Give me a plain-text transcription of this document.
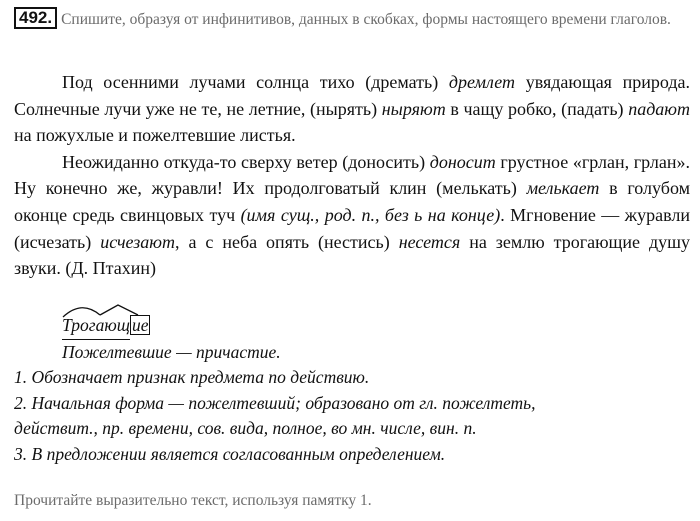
492. Спишите, образуя от инфинитивов, данных в скобках, формы настоящего времени глаголов.

Под осенними лучами солнца тихо (дремать) дремлет увядающая природа. Солнечные лучи уже не те, не летние, (нырять) ныряют в чащу робко, (падать) падают на пожухлые и пожелтевшие листья.

Неожиданно откуда-то сверху ветер (доносить) доносит грустное «грлан, грлан». Ну конечно же, журавли! Их продолговатый клин (мелькать) мелькает в голубом оконце средь свинцовых туч (имя сущ., род. п., без ь на конце). Мгновение — журавли (исчезать) исчезают, а с неба опять (нестись) несется на землю трогающие душу звуки. (Д. Птахин)

Трогающ ие
Пожелтевшие — причастие.
1. Обозначает признак предмета по действию.
2. Начальная форма — пожелтевший; образовано от гл. пожелтеть,
действит., пр. времени, сов. вида, полное, во мн. числе, вин. п.
3. В предложении является согласованным определением.
Прочитайте выразительно текст, используя памятку 1.
